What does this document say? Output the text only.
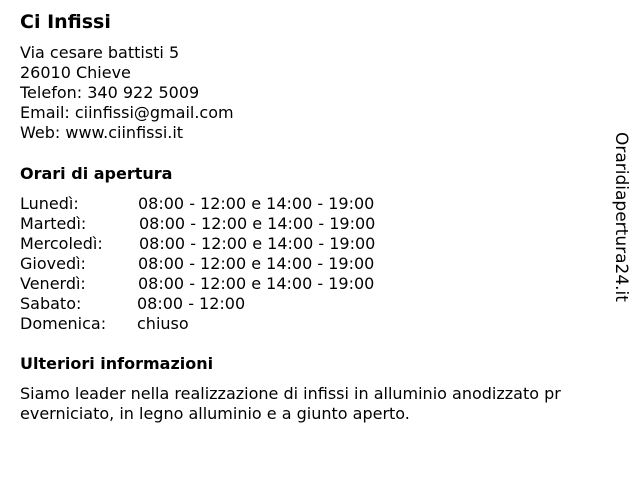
Ci Infissi
Via cesare battisti 5
26010 Chieve
Telefon: 340 922 5009
Email: ciinfissi@gmail.com
Web: www.ciinfissi.it
Orari di apertura
Lunedì:	08:00 - 12:00 e 14:00 - 19:00
Martedì:	08:00 - 12:00 e 14:00 - 19:00
Mercoledì: 08:00 - 12:00 e 14:00 - 19:00
Giovedì:	08:00 - 12:00 e 14:00 - 19:00
Venerdì:	08:00 - 12:00 e 14:00 - 19:00
Sabato:	08:00 - 12:00
Domenica: chiuso
Ulteriori informazioni
Siamo leader nella realizzazione di infissi in alluminio anodizzato pr
everniciato, in legno alluminio e a giunto aperto.
Oraridiapertura24.it
